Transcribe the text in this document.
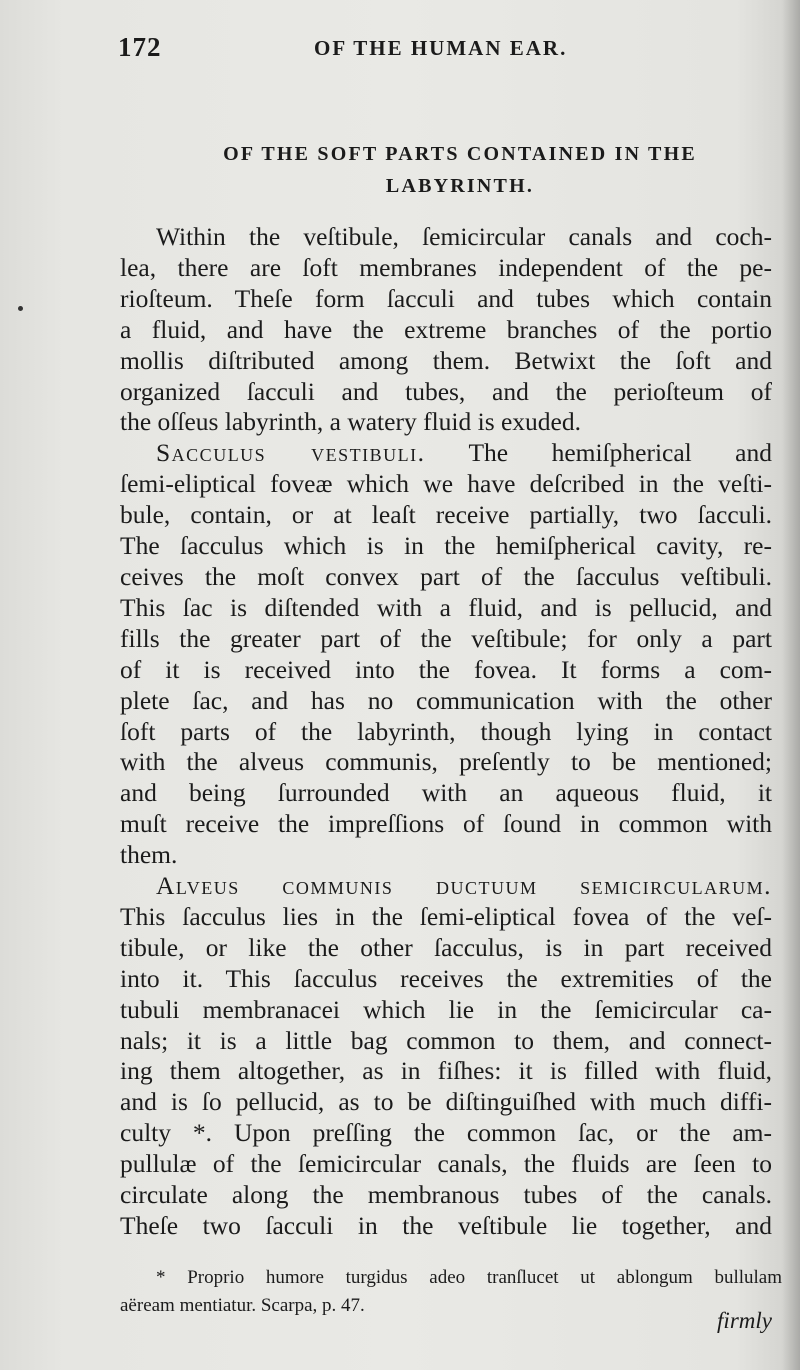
172	OF THE HUMAN EAR.
OF THE SOFT PARTS CONTAINED IN THE
LABYRINTH.
Within the veſtibule, ſemicircular canals and coch-
lea, there are ſoft membranes independent of the pe-
rioſteum. Theſe form ſacculi and tubes which contain
a fluid, and have the extreme branches of the portio
mollis diſtributed among them. Betwixt the ſoft and
organized ſacculi and tubes, and the perioſteum of
the oſſeus labyrinth, a watery fluid is exuded.
Sacculus vestibuli. The hemiſpherical and
ſemi-eliptical foveæ which we have deſcribed in the veſti-
bule, contain, or at leaſt receive partially, two ſacculi.
The ſacculus which is in the hemiſpherical cavity, re-
ceives the moſt convex part of the ſacculus veſtibuli.
This ſac is diſtended with a fluid, and is pellucid, and
fills the greater part of the veſtibule; for only a part
of it is received into the fovea. It forms a com-
plete ſac, and has no communication with the other
ſoft parts of the labyrinth, though lying in contact
with the alveus communis, preſently to be mentioned;
and being ſurrounded with an aqueous fluid, it
muſt receive the impreſſions of ſound in common with
them.
Alveus communis ductuum semicircularum.
This ſacculus lies in the ſemi-eliptical fovea of the veſ-
tibule, or like the other ſacculus, is in part received
into it. This ſacculus receives the extremities of the
tubuli membranacei which lie in the ſemicircular ca-
nals; it is a little bag common to them, and connect-
ing them altogether, as in fiſhes: it is filled with fluid,
and is ſo pellucid, as to be diſtinguiſhed with much diffi-
culty *. Upon preſſing the common ſac, or the am-
pullulæ of the ſemicircular canals, the fluids are ſeen to
circulate along the membranous tubes of the canals.
Theſe two ſacculi in the veſtibule lie together, and
* Proprio humore turgidus adeo tranſlucet ut ablongum bullulam
aëream mentiatur. Scarpa, p. 47.
firmly
